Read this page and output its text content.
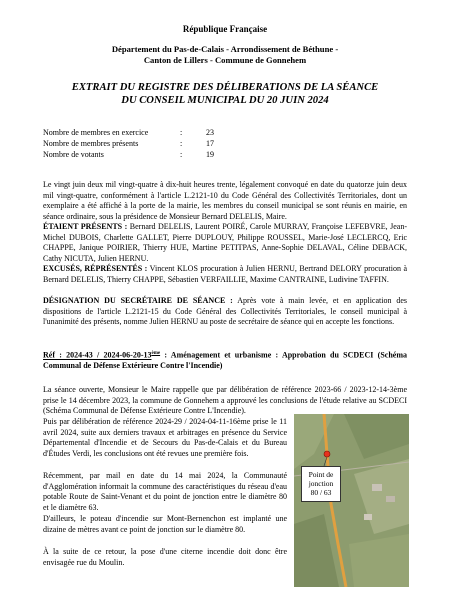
République Française
Département du Pas-de-Calais - Arrondissement de Béthune -
Canton de Lillers - Commune de Gonnehem
EXTRAIT DU REGISTRE DES DÉLIBERATIONS DE LA SÉANCE
DU CONSEIL MUNICIPAL DU 20 JUIN 2024
Nombre de membres en exercice	:	23
Nombre de membres présents	:	17
Nombre de votants	:	19
Le vingt juin deux mil vingt-quatre à dix-huit heures trente, légalement convoqué en date du quatorze juin deux mil vingt-quatre, conformément à l'article L.2121-10 du Code Général des Collectivités Territoriales, dont un exemplaire a été affiché à la porte de la mairie, les membres du conseil municipal se sont réunis en mairie, en séance ordinaire, sous la présidence de Monsieur Bernard DELELIS, Maire.
ÉTAIENT PRÉSENTS : Bernard DELELIS, Laurent POIRÉ, Carole MURRAY, Françoise LEFEBVRE, Jean-Michel DUBOIS, Charlette GALLET, Pierre DUPLOUY, Philippe ROUSSEL, Marie-José LECLERCQ, Eric CHAPPE, Janique POIRIER, Thierry HUE, Martine PETITPAS, Anne-Sophie DELAVAL, Céline DEBACK, Cathy NICUTA, Julien HERNU.
EXCUSÉS, RÉPRÉSENTÉS : Vincent KLOS procuration à Julien HERNU, Bertrand DELORY procuration à Bernard DELELIS, Thierry CHAPPE, Sébastien VERFAILLIE, Maxime CANTRAINE, Ludivine TAFFIN.
DÉSIGNATION DU SECRÉTAIRE DE SÉANCE : Après vote à main levée, et en application des dispositions de l'article L.2121-15 du Code Général des Collectivités Territoriales, le conseil municipal à l'unanimité des présents, nomme Julien HERNU au poste de secrétaire de séance qui en accepte les fonctions.
Réf : 2024-43 / 2024-06-20-13ème : Aménagement et urbanisme : Approbation du SCDECI (Schéma Communal de Défense Extérieure Contre l'Incendie)
La séance ouverte, Monsieur le Maire rappelle que par délibération de référence 2023-66 / 2023-12-14-3ème prise le 14 décembre 2023, la commune de Gonnehem a approuvé les conclusions de l'étude relative au SCDECI (Schéma Communal de Défense Extérieure Contre L'Incendie).
Puis par délibération de référence 2024-29 / 2024-04-11-16ème prise le 11 avril 2024, suite aux derniers travaux et arbitrages en présence du Service Départemental d'Incendie et de Secours du Pas-de-Calais et du Bureau d'Études Verdi, les conclusions ont été revues une première fois.
Récemment, par mail en date du 14 mai 2024, la Communauté d'Agglomération informait la commune des caractéristiques du réseau d'eau potable Route de Saint-Venant et du point de jonction entre le diamètre 80 et le diamètre 63.
D'ailleurs, le poteau d'incendie sur Mont-Bernenchon est implanté une dizaine de mètres avant ce point de jonction sur le diamètre 80.
À la suite de ce retour, la pose d'une citerne incendie doit donc être envisagée rue du Moulin.
Point de
jonction
80 / 63
